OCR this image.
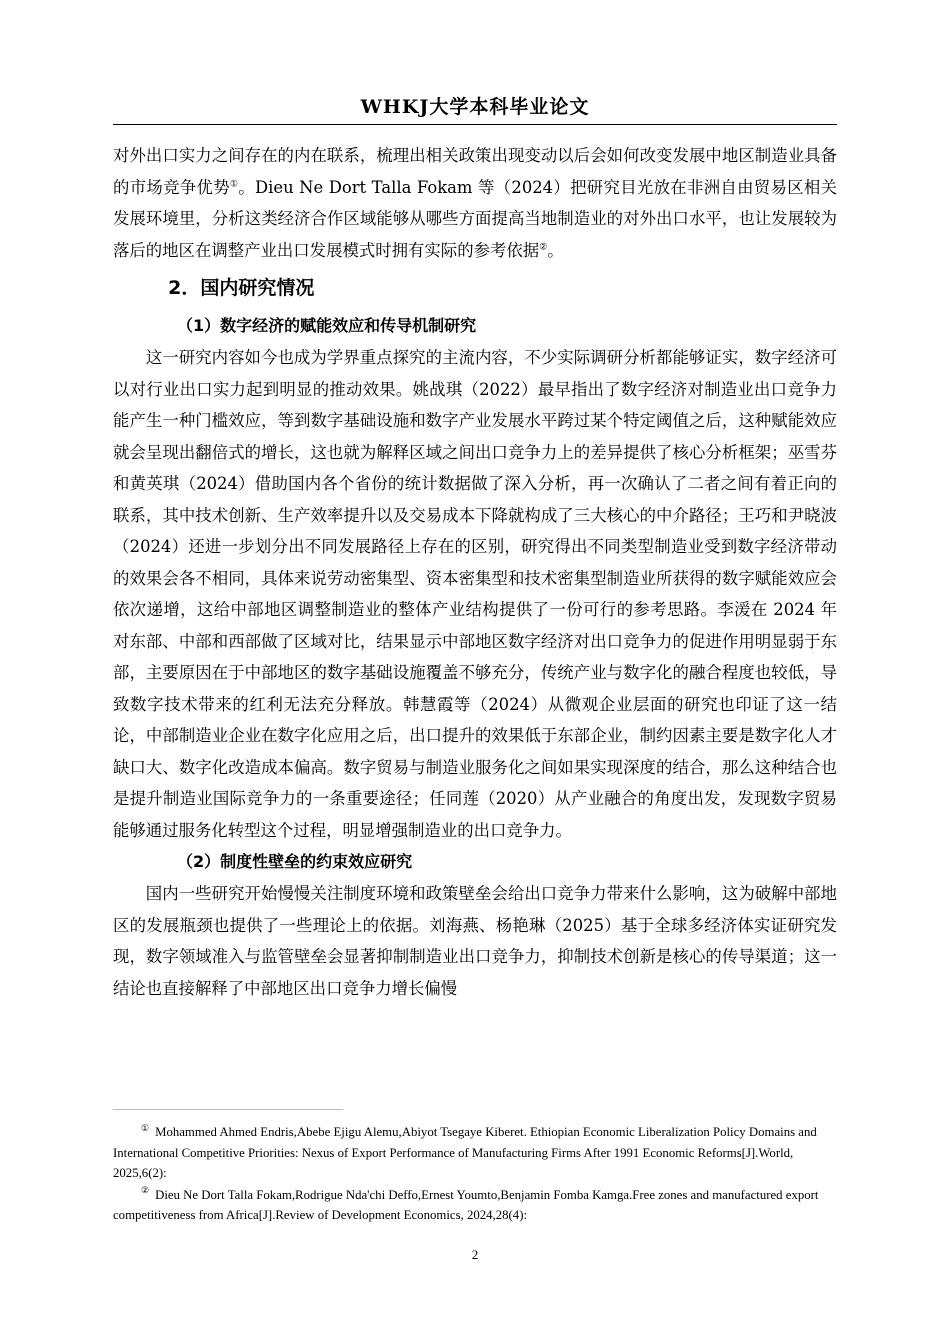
WHKJ大学本科毕业论文

对外出口实力之间存在的内在联系，梳理出相关政策出现变动以后会如何改变发展中地区制造业具备的市场竞争优势①。Dieu Ne Dort Talla Fokam 等（2024）把研究目光放在非洲自由贸易区相关发展环境里，分析这类经济合作区域能够从哪些方面提高当地制造业的对外出口水平，也让发展较为落后的地区在调整产业出口发展模式时拥有实际的参考依据②。

2．国内研究情况
（1）数字经济的赋能效应和传导机制研究

这一研究内容如今也成为学界重点探究的主流内容，不少实际调研分析都能够证实，数字经济可以对行业出口实力起到明显的推动效果。姚战琪（2022）最早指出了数字经济对制造业出口竞争力能产生一种门槛效应，等到数字基础设施和数字产业发展水平跨过某个特定阈值之后，这种赋能效应就会呈现出翻倍式的增长，这也就为解释区域之间出口竞争力上的差异提供了核心分析框架；巫雪芬和黄英琪（2024）借助国内各个省份的统计数据做了深入分析，再一次确认了二者之间有着正向的联系，其中技术创新、生产效率提升以及交易成本下降就构成了三大核心的中介路径；王巧和尹晓波（2024）还进一步划分出不同发展路径上存在的区别，研究得出不同类型制造业受到数字经济带动的效果会各不相同，具体来说劳动密集型、资本密集型和技术密集型制造业所获得的数字赋能效应会依次递增，这给中部地区调整制造业的整体产业结构提供了一份可行的参考思路。李湲在 2024 年对东部、中部和西部做了区域对比，结果显示中部地区数字经济对出口竞争力的促进作用明显弱于东部，主要原因在于中部地区的数字基础设施覆盖不够充分，传统产业与数字化的融合程度也较低，导致数字技术带来的红利无法充分释放。韩慧霞等（2024）从微观企业层面的研究也印证了这一结论，中部制造业企业在数字化应用之后，出口提升的效果低于东部企业，制约因素主要是数字化人才缺口大、数字化改造成本偏高。数字贸易与制造业服务化之间如果实现深度的结合，那么这种结合也是提升制造业国际竞争力的一条重要途径；任同莲（2020）从产业融合的角度出发，发现数字贸易能够通过服务化转型这个过程，明显增强制造业的出口竞争力。

（2）制度性壁垒的约束效应研究

国内一些研究开始慢慢关注制度环境和政策壁垒会给出口竞争力带来什么影响，这为破解中部地区的发展瓶颈也提供了一些理论上的依据。刘海燕、杨艳琳（2025）基于全球多经济体实证研究发现，数字领域准入与监管壁垒会显著抑制制造业出口竞争力，抑制技术创新是核心的传导渠道；这一结论也直接解释了中部地区出口竞争力增长偏慢

① Mohammed Ahmed Endris,Abebe Ejigu Alemu,Abiyot Tsegaye Kiberet. Ethiopian Economic Liberalization Policy Domains and International Competitive Priorities: Nexus of Export Performance of Manufacturing Firms After 1991 Economic Reforms[J].World, 2025,6(2):

② Dieu Ne Dort Talla Fokam,Rodrigue Nda'chi Deffo,Ernest Youmto,Benjamin Fomba Kamga.Free zones and manufactured export competitiveness from Africa[J].Review of Development Economics, 2024,28(4):

2
